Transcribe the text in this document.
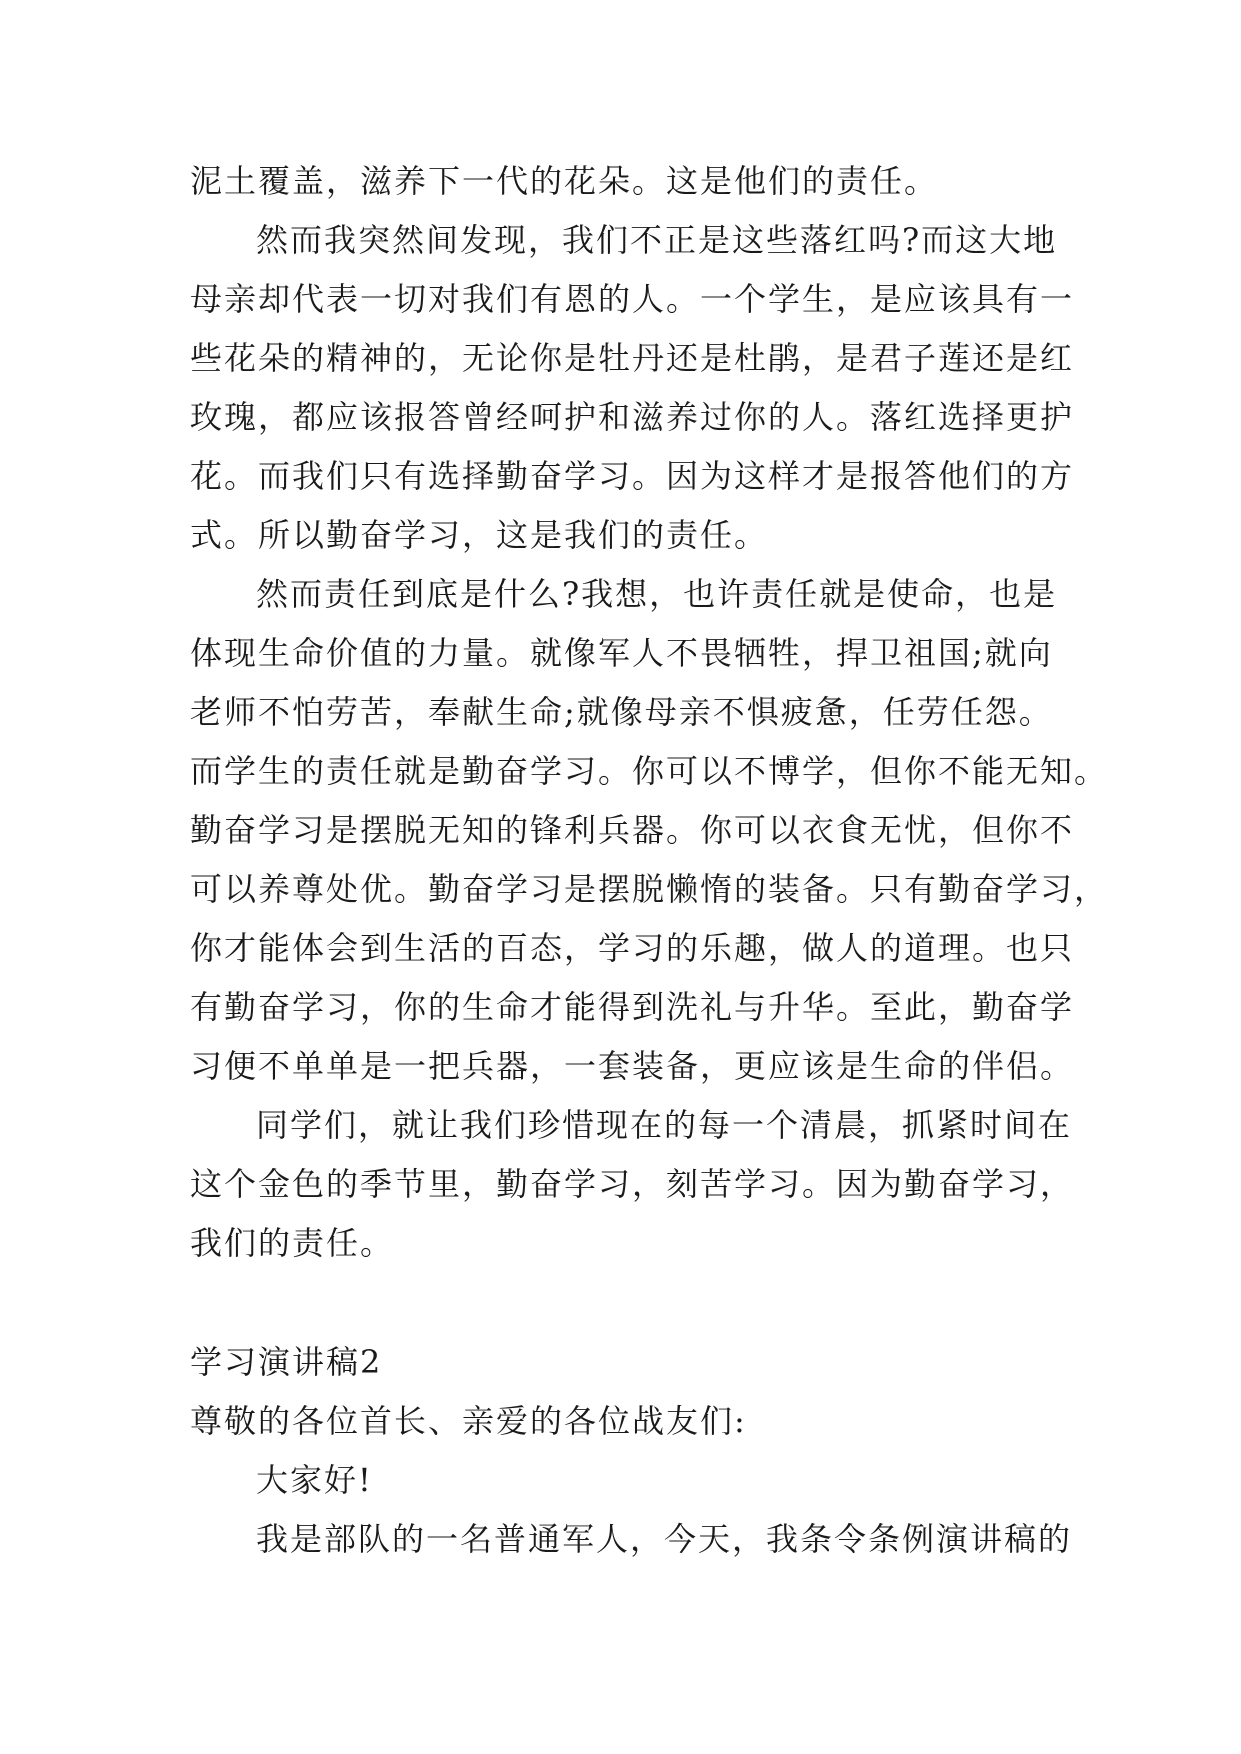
泥土覆盖，滋养下一代的花朵。这是他们的责任。
然而我突然间发现，我们不正是这些落红吗?而这大地
母亲却代表一切对我们有恩的人。一个学生，是应该具有一
些花朵的精神的，无论你是牡丹还是杜鹃，是君子莲还是红
玫瑰，都应该报答曾经呵护和滋养过你的人。落红选择更护
花。而我们只有选择勤奋学习。因为这样才是报答他们的方
式。所以勤奋学习，这是我们的责任。
然而责任到底是什么?我想，也许责任就是使命，也是
体现生命价值的力量。就像军人不畏牺牲，捍卫祖国;就向
老师不怕劳苦，奉献生命;就像母亲不惧疲惫，任劳任怨。
而学生的责任就是勤奋学习。你可以不博学，但你不能无知。
勤奋学习是摆脱无知的锋利兵器。你可以衣食无忧，但你不
可以养尊处优。勤奋学习是摆脱懒惰的装备。只有勤奋学习，
你才能体会到生活的百态，学习的乐趣，做人的道理。也只
有勤奋学习，你的生命才能得到洗礼与升华。至此，勤奋学
习便不单单是一把兵器，一套装备，更应该是生命的伴侣。
同学们，就让我们珍惜现在的每一个清晨，抓紧时间在
这个金色的季节里，勤奋学习，刻苦学习。因为勤奋学习，
我们的责任。
学习演讲稿2
尊敬的各位首长、亲爱的各位战友们:
大家好!
我是部队的一名普通军人，今天，我条令条例演讲稿的
